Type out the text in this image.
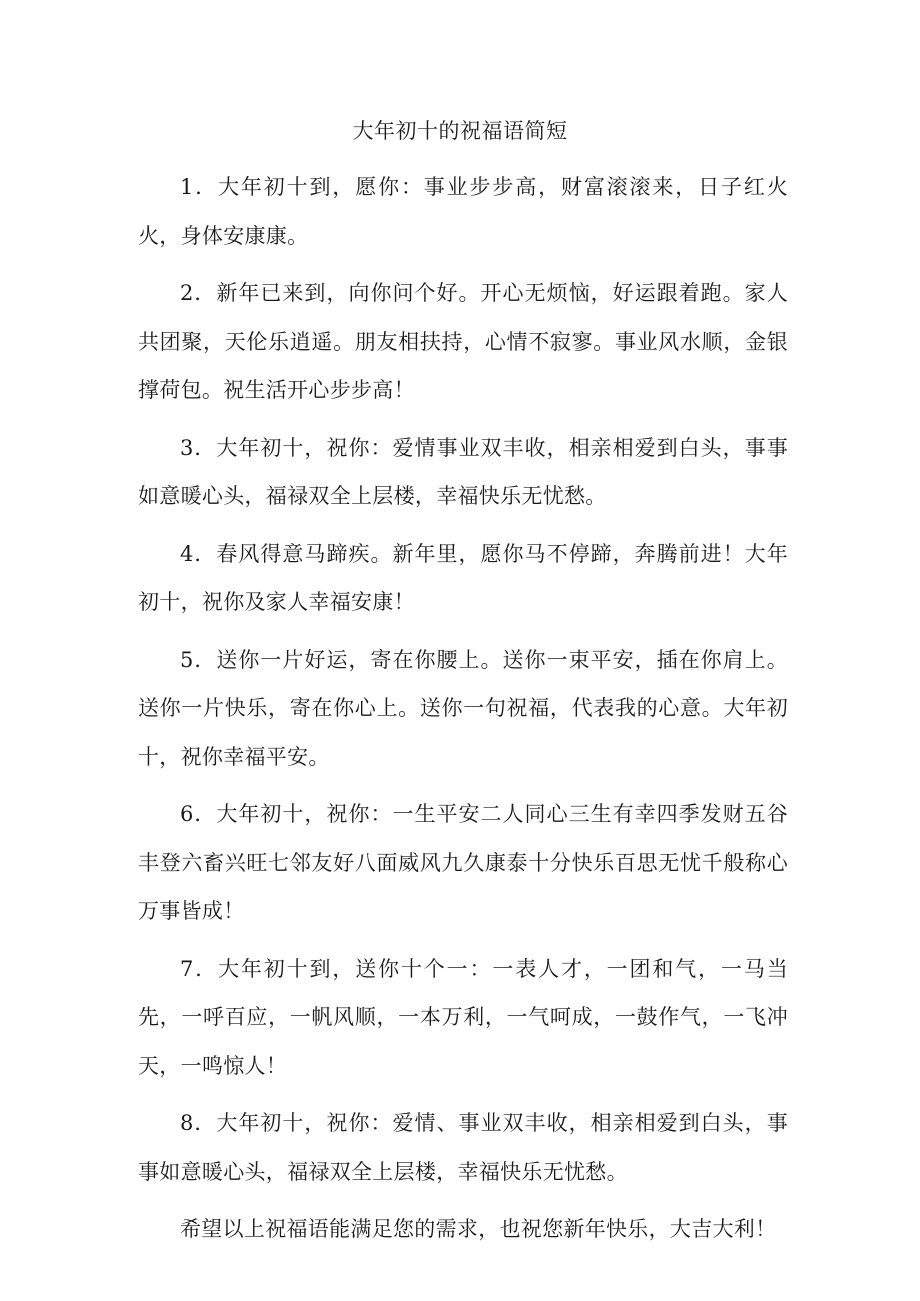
大年初十的祝福语简短

1．大年初十到，愿你：事业步步高，财富滚滚来，日子红火火，身体安康康。

2．新年已来到，向你问个好。开心无烦恼，好运跟着跑。家人共团聚，天伦乐逍遥。朋友相扶持，心情不寂寥。事业风水顺，金银撑荷包。祝生活开心步步高！

3．大年初十，祝你：爱情事业双丰收，相亲相爱到白头，事事如意暖心头，福禄双全上层楼，幸福快乐无忧愁。

4．春风得意马蹄疾。新年里，愿你马不停蹄，奔腾前进！大年初十，祝你及家人幸福安康！

5．送你一片好运，寄在你腰上。送你一束平安，插在你肩上。送你一片快乐，寄在你心上。送你一句祝福，代表我的心意。大年初十，祝你幸福平安。

6．大年初十，祝你：一生平安二人同心三生有幸四季发财五谷丰登六畜兴旺七邻友好八面威风九久康泰十分快乐百思无忧千般称心万事皆成！

7．大年初十到，送你十个一：一表人才，一团和气，一马当先，一呼百应，一帆风顺，一本万利，一气呵成，一鼓作气，一飞冲天，一鸣惊人！

8．大年初十，祝你：爱情、事业双丰收，相亲相爱到白头，事事如意暖心头，福禄双全上层楼，幸福快乐无忧愁。

希望以上祝福语能满足您的需求，也祝您新年快乐，大吉大利！
